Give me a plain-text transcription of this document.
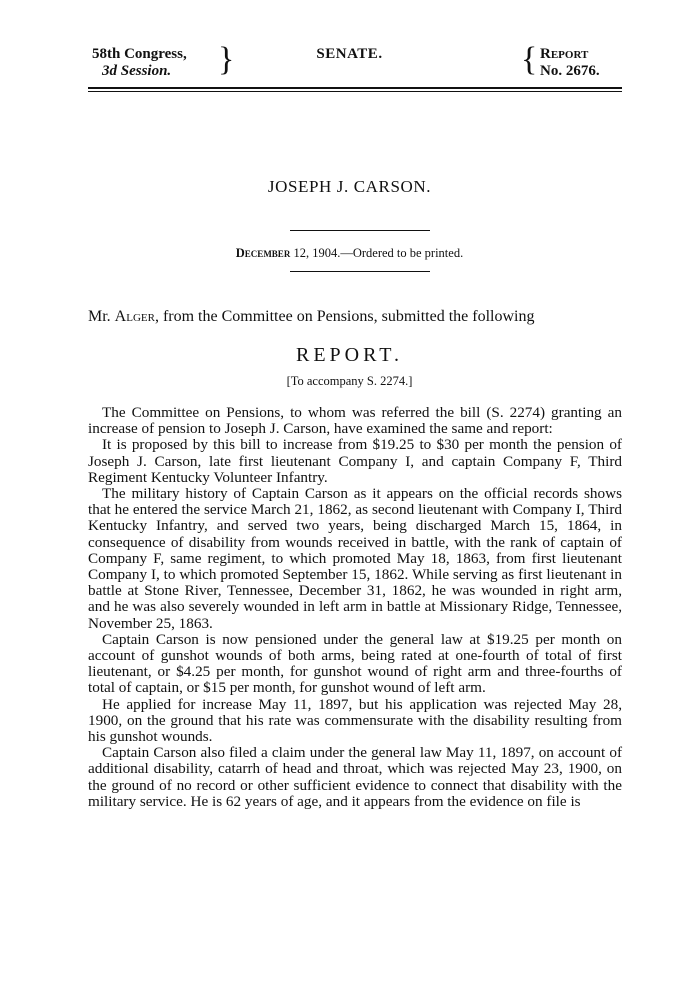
58th Congress,
3d Session.	}	SENATE.	{ Report
No. 2676.
JOSEPH J. CARSON.
December 12, 1904.—Ordered to be printed.
Mr. Alger, from the Committee on Pensions, submitted the following
REPORT.
[To accompany S. 2274.]

The Committee on Pensions, to whom was referred the bill (S. 2274) granting an increase of pension to Joseph J. Carson, have examined the same and report:

It is proposed by this bill to increase from $19.25 to $30 per month the pension of Joseph J. Carson, late first lieutenant Company I, and captain Company F, Third Regiment Kentucky Volunteer Infantry.

The military history of Captain Carson as it appears on the official records shows that he entered the service March 21, 1862, as second lieutenant with Company I, Third Kentucky Infantry, and served two years, being discharged March 15, 1864, in consequence of disability from wounds received in battle, with the rank of captain of Company F, same regiment, to which promoted May 18, 1863, from first lieutenant Company I, to which promoted September 15, 1862. While serving as first lieutenant in battle at Stone River, Tennessee, December 31, 1862, he was wounded in right arm, and he was also severely wounded in left arm in battle at Missionary Ridge, Tennessee, November 25, 1863.

Captain Carson is now pensioned under the general law at $19.25 per month on account of gunshot wounds of both arms, being rated at one-fourth of total of first lieutenant, or $4.25 per month, for gunshot wound of right arm and three-fourths of total of captain, or $15 per month, for gunshot wound of left arm.

He applied for increase May 11, 1897, but his application was rejected May 28, 1900, on the ground that his rate was commensurate with the disability resulting from his gunshot wounds.

Captain Carson also filed a claim under the general law May 11, 1897, on account of additional disability, catarrh of head and throat, which was rejected May 23, 1900, on the ground of no record or other sufficient evidence to connect that disability with the military service. He is 62 years of age, and it appears from the evidence on file is
